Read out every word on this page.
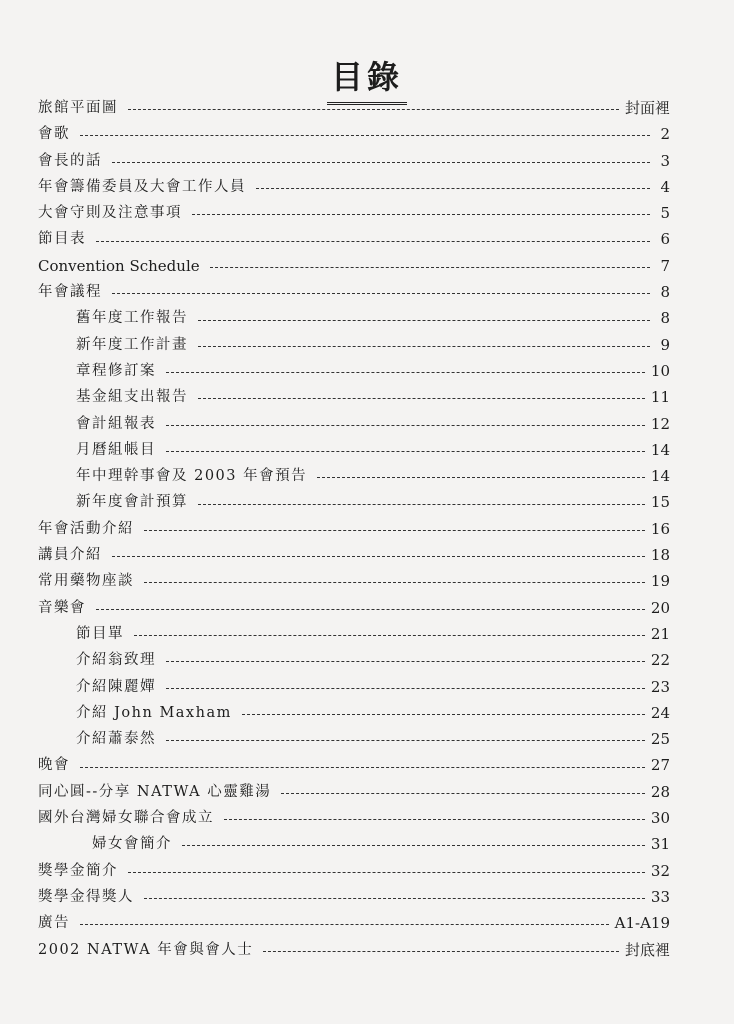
目錄
旅館平面圖	封面裡
會歌	2
會長的話	3
年會籌備委員及大會工作人員	4
大會守則及注意事項	5
節目表	6
Convention Schedule	7
年會議程	8
舊年度工作報告	8
新年度工作計畫	9
章程修訂案	10
基金組支出報告	11
會計組報表	12
月曆組帳目	14
年中理幹事會及 2003 年會預告	14
新年度會計預算	15
年會活動介紹	16
講員介紹	18
常用藥物座談	19
音樂會	20
節目單	21
介紹翁致理	22
介紹陳麗嬋	23
介紹 John Maxham	24
介紹蕭泰然	25
晚會	27
同心圓--分享 NATWA 心靈雞湯	28
國外台灣婦女聯合會成立	30
婦女會簡介	31
獎學金簡介	32
獎學金得獎人	33
廣告	A1-A19
2002 NATWA 年會與會人士	封底裡
